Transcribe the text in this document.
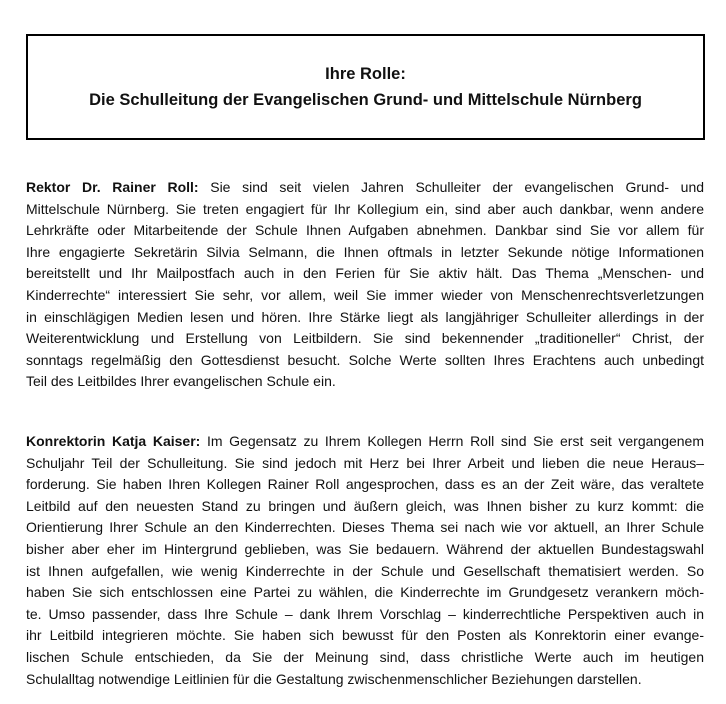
Ihre Rolle:
Die Schulleitung der Evangelischen Grund- und Mittelschule Nürnberg
Rektor Dr. Rainer Roll: Sie sind seit vielen Jahren Schulleiter der evangelischen Grund- und
Mittelschule Nürnberg. Sie treten engagiert für Ihr Kollegium ein, sind aber auch dankbar, wenn andere
Lehrkräfte oder Mitarbeitende der Schule Ihnen Aufgaben abnehmen. Dankbar sind Sie vor allem für
Ihre engagierte Sekretärin Silvia Selmann, die Ihnen oftmals in letzter Sekunde nötige Informationen
bereitstellt und Ihr Mailpostfach auch in den Ferien für Sie aktiv hält. Das Thema „Menschen- und
Kinderrechte“ interessiert Sie sehr, vor allem, weil Sie immer wieder von Menschenrechtsverletzungen
in einschlägigen Medien lesen und hören. Ihre Stärke liegt als langjähriger Schulleiter allerdings in der
Weiterentwicklung und Erstellung von Leitbildern. Sie sind bekennender „traditioneller“ Christ, der
sonntags regelmäßig den Gottesdienst besucht. Solche Werte sollten Ihres Erachtens auch unbedingt
Teil des Leitbildes Ihrer evangelischen Schule ein.
Konrektorin Katja Kaiser: Im Gegensatz zu Ihrem Kollegen Herrn Roll sind Sie erst seit vergangenem
Schuljahr Teil der Schulleitung. Sie sind jedoch mit Herz bei Ihrer Arbeit und lieben die neue Heraus–
forderung. Sie haben Ihren Kollegen Rainer Roll angesprochen, dass es an der Zeit wäre, das veraltete
Leitbild auf den neuesten Stand zu bringen und äußern gleich, was Ihnen bisher zu kurz kommt: die
Orientierung Ihrer Schule an den Kinderrechten. Dieses Thema sei nach wie vor aktuell, an Ihrer Schule
bisher aber eher im Hintergrund geblieben, was Sie bedauern. Während der aktuellen Bundestagswahl
ist Ihnen aufgefallen, wie wenig Kinderrechte in der Schule und Gesellschaft thematisiert werden. So
haben Sie sich entschlossen eine Partei zu wählen, die Kinderrechte im Grundgesetz verankern möch-
te. Umso passender, dass Ihre Schule – dank Ihrem Vorschlag – kinderrechtliche Perspektiven auch in
ihr Leitbild integrieren möchte. Sie haben sich bewusst für den Posten als Konrektorin einer evange-
lischen Schule entschieden, da Sie der Meinung sind, dass christliche Werte auch im heutigen
Schulalltag notwendige Leitlinien für die Gestaltung zwischenmenschlicher Beziehungen darstellen.
